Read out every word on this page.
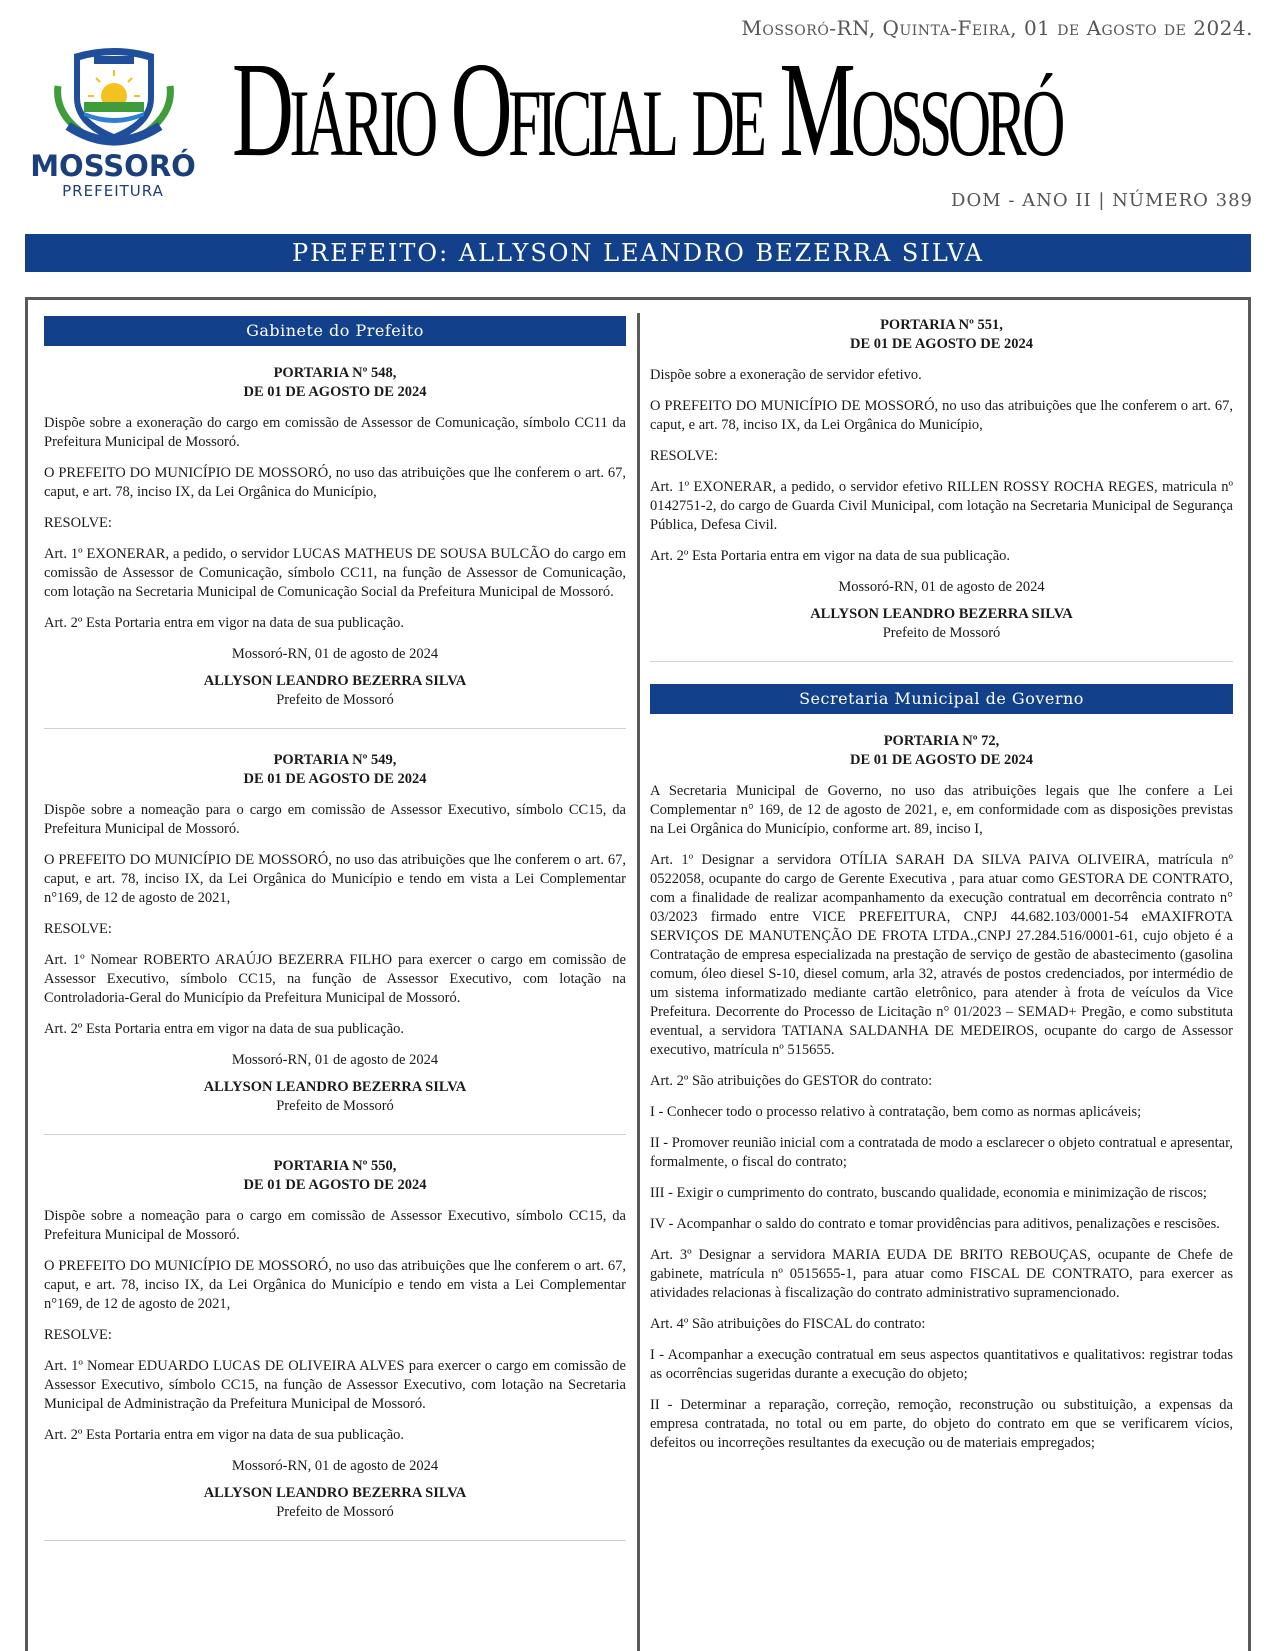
MOSSORÓ
PREFEITURA
Mossoró-RN, Quinta-Feira, 01 de Agosto de 2024.
Diário Oficial de Mossoró
DOM - ANO II | NÚMERO 389
PREFEITO: ALLYSON LEANDRO BEZERRA SILVA
Gabinete do Prefeito
PORTARIA Nº 548,
DE 01 DE AGOSTO DE 2024

Dispõe sobre a exoneração do cargo em comissão de Assessor de Comunicação, símbolo CC11 da Prefeitura Municipal de Mossoró.

O PREFEITO DO MUNICÍPIO DE MOSSORÓ, no uso das atribuições que lhe conferem o art. 67, caput, e art. 78, inciso IX, da Lei Orgânica do Município,

RESOLVE:

Art. 1º EXONERAR, a pedido, o servidor LUCAS MATHEUS DE SOUSA BULCÃO do cargo em comissão de Assessor de Comunicação, símbolo CC11, na função de Assessor de Comunicação, com lotação na Secretaria Municipal de Comunicação Social da Prefeitura Municipal de Mossoró.

Art. 2º Esta Portaria entra em vigor na data de sua publicação.

Mossoró-RN, 01 de agosto de 2024
ALLYSON LEANDRO BEZERRA SILVA
Prefeito de Mossoró
PORTARIA Nº 549,
DE 01 DE AGOSTO DE 2024

Dispõe sobre a nomeação para o cargo em comissão de Assessor Executivo, símbolo CC15, da Prefeitura Municipal de Mossoró.

O PREFEITO DO MUNICÍPIO DE MOSSORÓ, no uso das atribuições que lhe conferem o art. 67, caput, e art. 78, inciso IX, da Lei Orgânica do Município e tendo em vista a Lei Complementar n°169, de 12 de agosto de 2021,

RESOLVE:

Art. 1º Nomear ROBERTO ARAÚJO BEZERRA FILHO para exercer o cargo em comissão de Assessor Executivo, símbolo CC15, na função de Assessor Executivo, com lotação na Controladoria-Geral do Município da Prefeitura Municipal de Mossoró.

Art. 2º Esta Portaria entra em vigor na data de sua publicação.

Mossoró-RN, 01 de agosto de 2024
ALLYSON LEANDRO BEZERRA SILVA
Prefeito de Mossoró
PORTARIA Nº 550,
DE 01 DE AGOSTO DE 2024

Dispõe sobre a nomeação para o cargo em comissão de Assessor Executivo, símbolo CC15, da Prefeitura Municipal de Mossoró.

O PREFEITO DO MUNICÍPIO DE MOSSORÓ, no uso das atribuições que lhe conferem o art. 67, caput, e art. 78, inciso IX, da Lei Orgânica do Município e tendo em vista a Lei Complementar n°169, de 12 de agosto de 2021,

RESOLVE:

Art. 1º Nomear EDUARDO LUCAS DE OLIVEIRA ALVES para exercer o cargo em comissão de Assessor Executivo, símbolo CC15, na função de Assessor Executivo, com lotação na Secretaria Municipal de Administração da Prefeitura Municipal de Mossoró.

Art. 2º Esta Portaria entra em vigor na data de sua publicação.

Mossoró-RN, 01 de agosto de 2024
ALLYSON LEANDRO BEZERRA SILVA
Prefeito de Mossoró
PORTARIA Nº 551,
DE 01 DE AGOSTO DE 2024

Dispõe sobre a exoneração de servidor efetivo.

O PREFEITO DO MUNICÍPIO DE MOSSORÓ, no uso das atribuições que lhe conferem o art. 67, caput, e art. 78, inciso IX, da Lei Orgânica do Município,

RESOLVE:

Art. 1º EXONERAR, a pedido, o servidor efetivo RILLEN ROSSY ROCHA REGES, matricula nº 0142751-2, do cargo de Guarda Civil Municipal, com lotação na Secretaria Municipal de Segurança Pública, Defesa Civil.

Art. 2º Esta Portaria entra em vigor na data de sua publicação.

Mossoró-RN, 01 de agosto de 2024
ALLYSON LEANDRO BEZERRA SILVA
Prefeito de Mossoró
Secretaria Municipal de Governo
PORTARIA Nº 72,
DE 01 DE AGOSTO DE 2024

A Secretaria Municipal de Governo, no uso das atribuições legais que lhe confere a Lei Complementar n° 169, de 12 de agosto de 2021, e, em conformidade com as disposições previstas na Lei Orgânica do Município, conforme art. 89, inciso I,

Art. 1º Designar a servidora OTÍLIA SARAH DA SILVA PAIVA OLIVEIRA, matrícula nº 0522058, ocupante do cargo de Gerente Executiva , para atuar como GESTORA DE CONTRATO, com a finalidade de realizar acompanhamento da execução contratual em decorrência contrato n° 03/2023 firmado entre VICE PREFEITURA, CNPJ 44.682.103/0001-54 eMAXIFROTA SERVIÇOS DE MANUTENÇÃO DE FROTA LTDA.,CNPJ 27.284.516/0001-61, cujo objeto é a Contratação de empresa especializada na prestação de serviço de gestão de abastecimento (gasolina comum, óleo diesel S-10, diesel comum, arla 32, através de postos credenciados, por intermédio de um sistema informatizado mediante cartão eletrônico, para atender à frota de veículos da Vice Prefeitura. Decorrente do Processo de Licitação n° 01/2023 – SEMAD+ Pregão, e como substituta eventual, a servidora TATIANA SALDANHA DE MEDEIROS, ocupante do cargo de Assessor executivo, matrícula nº 515655.

Art. 2º São atribuições do GESTOR do contrato:

I - Conhecer todo o processo relativo à contratação, bem como as normas aplicáveis;

II - Promover reunião inicial com a contratada de modo a esclarecer o objeto contratual e apresentar, formalmente, o fiscal do contrato;

III - Exigir o cumprimento do contrato, buscando qualidade, economia e minimização de riscos;

IV - Acompanhar o saldo do contrato e tomar providências para aditivos, penalizações e rescisões.

Art. 3º Designar a servidora MARIA EUDA DE BRITO REBOUÇAS, ocupante de Chefe de gabinete, matrícula nº 0515655-1, para atuar como FISCAL DE CONTRATO, para exercer as atividades relacionas à fiscalização do contrato administrativo supramencionado.

Art. 4º São atribuições do FISCAL do contrato:

I - Acompanhar a execução contratual em seus aspectos quantitativos e qualitativos: registrar todas as ocorrências sugeridas durante a execução do objeto;

II - Determinar a reparação, correção, remoção, reconstrução ou substituição, a expensas da empresa contratada, no total ou em parte, do objeto do contrato em que se verificarem vícios, defeitos ou incorreções resultantes da execução ou de materiais empregados;
